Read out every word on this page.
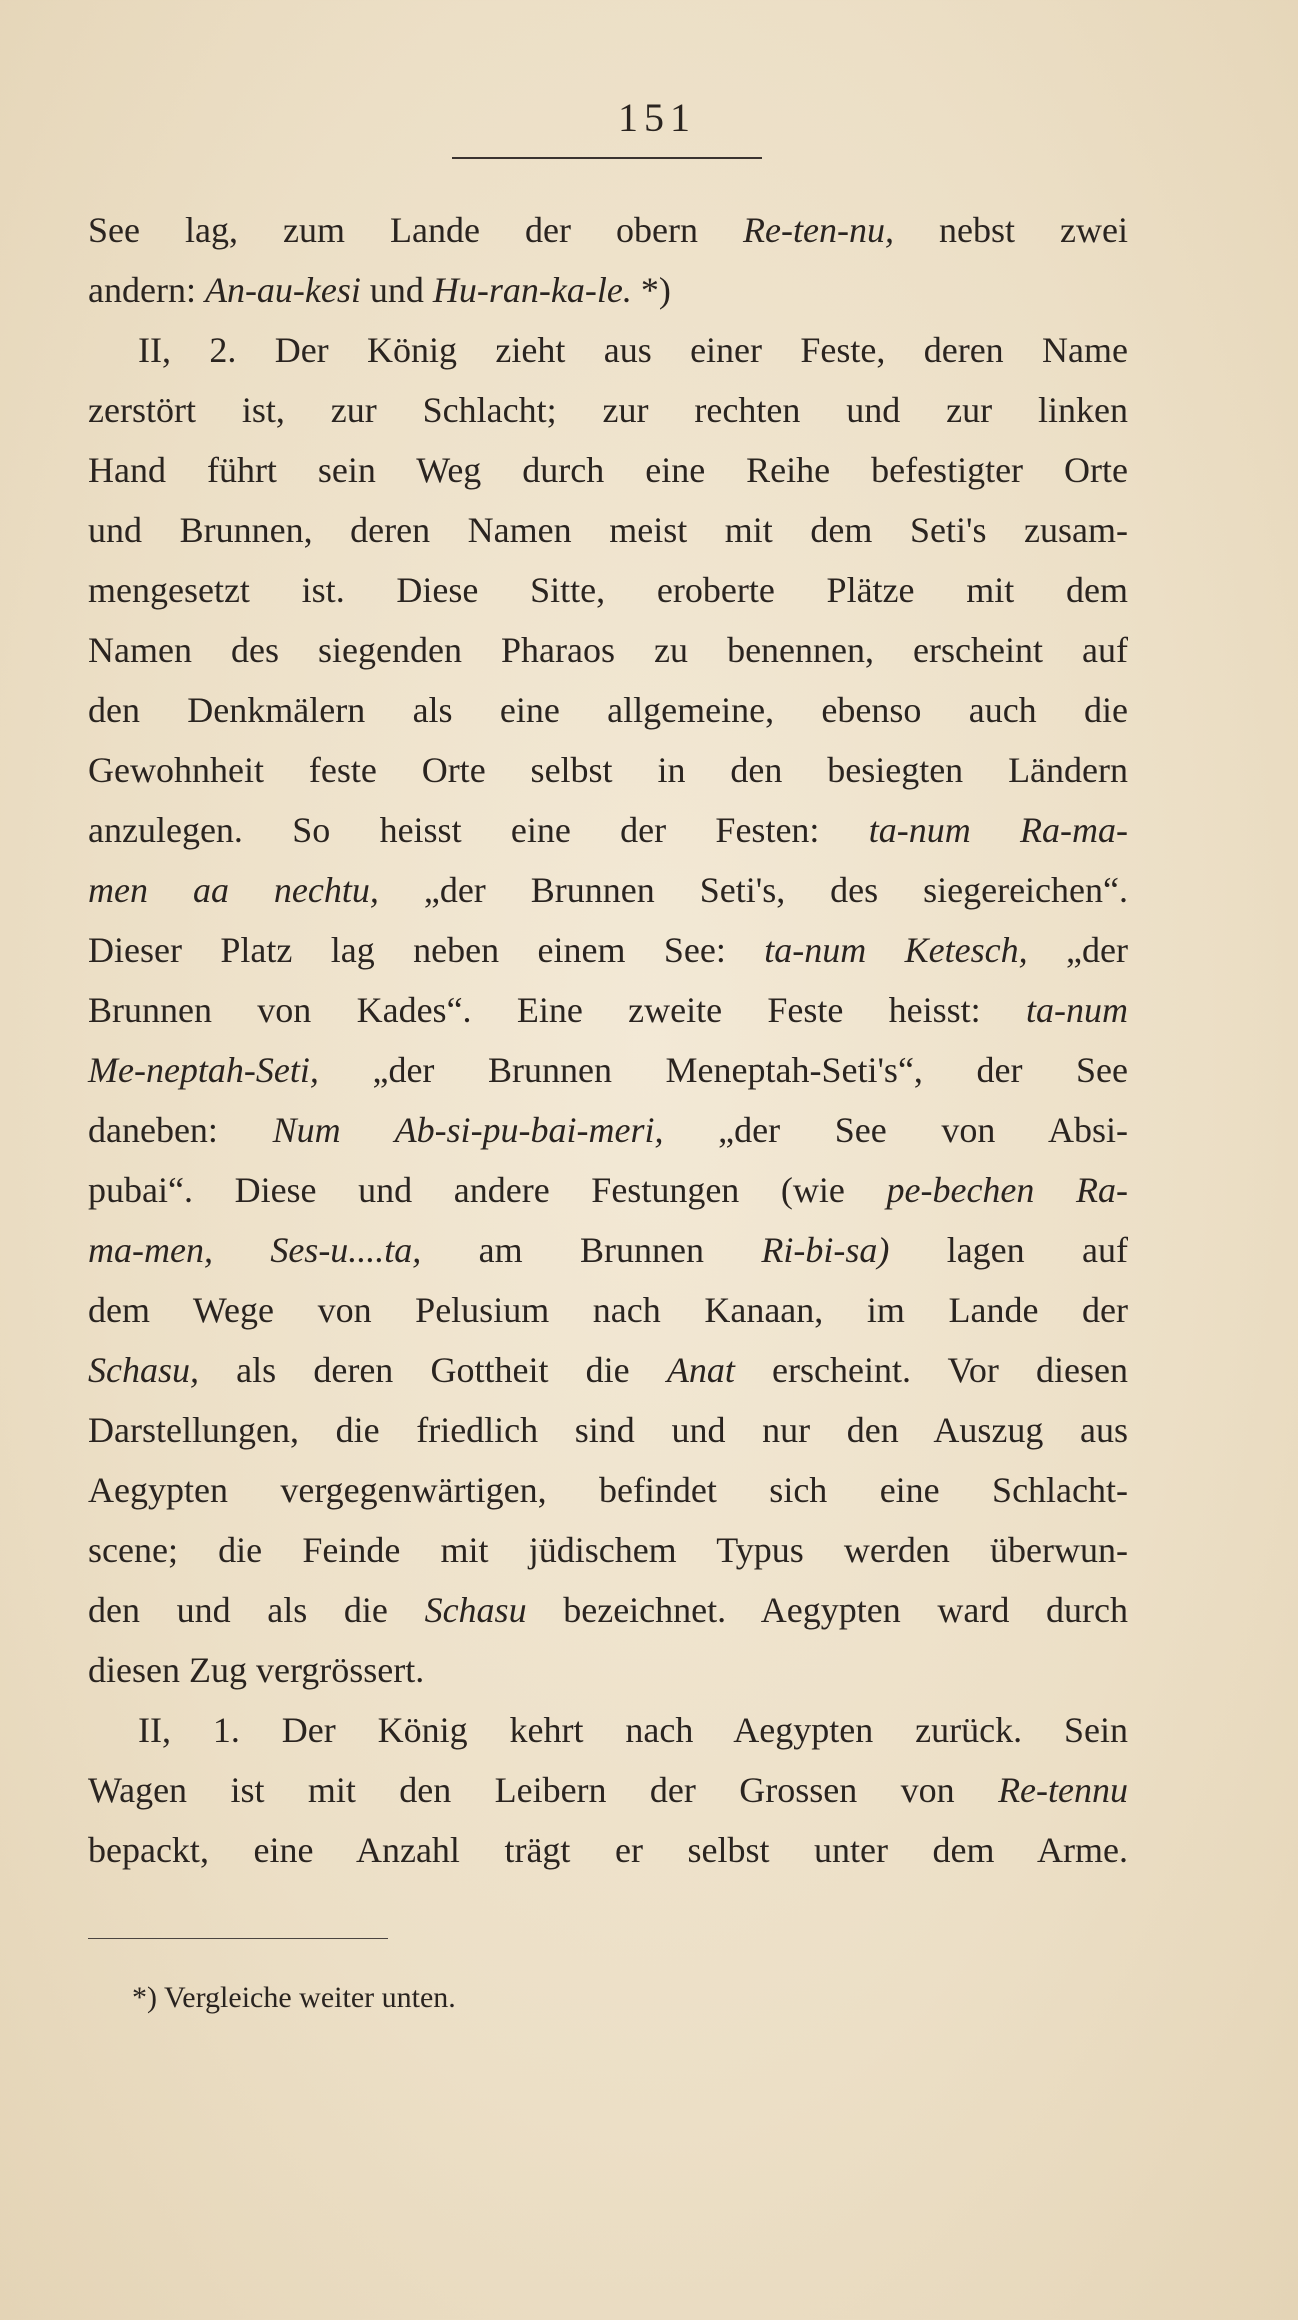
151
See lag, zum Lande der obern Re-ten-nu, nebst zwei
andern: An-au-kesi und Hu-ran-ka-le. *)
II, 2. Der König zieht aus einer Feste, deren Name
zerstört ist, zur Schlacht; zur rechten und zur linken
Hand führt sein Weg durch eine Reihe befestigter Orte
und Brunnen, deren Namen meist mit dem Seti's zusam-
mengesetzt ist. Diese Sitte, eroberte Plätze mit dem
Namen des siegenden Pharaos zu benennen, erscheint auf
den Denkmälern als eine allgemeine, ebenso auch die
Gewohnheit feste Orte selbst in den besiegten Ländern
anzulegen. So heisst eine der Festen: ta-num Ra-ma-
men aa nechtu, „der Brunnen Seti's, des siegereichen“.
Dieser Platz lag neben einem See: ta-num Ketesch, „der
Brunnen von Kades“. Eine zweite Feste heisst: ta-num
Me-neptah-Seti, „der Brunnen Meneptah-Seti's“, der See
daneben: Num Ab-si-pu-bai-meri, „der See von Absi-
pubai“. Diese und andere Festungen (wie pe-bechen Ra-
ma-men, Ses-u....ta, am Brunnen Ri-bi-sa) lagen auf
dem Wege von Pelusium nach Kanaan, im Lande der
Schasu, als deren Gottheit die Anat erscheint. Vor diesen
Darstellungen, die friedlich sind und nur den Auszug aus
Aegypten vergegenwärtigen, befindet sich eine Schlacht-
scene; die Feinde mit jüdischem Typus werden überwun-
den und als die Schasu bezeichnet. Aegypten ward durch
diesen Zug vergrössert.
II, 1. Der König kehrt nach Aegypten zurück. Sein
Wagen ist mit den Leibern der Grossen von Re-tennu
bepackt, eine Anzahl trägt er selbst unter dem Arme.
*) Vergleiche weiter unten.
